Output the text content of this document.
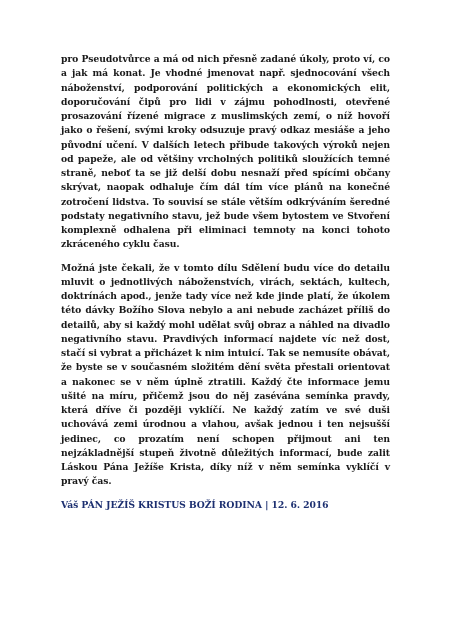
pro Pseudotvůrce a má od nich přesně zadané úkoly, proto ví, co a jak má konat. Je vhodné jmenovat např. sjednocování všech náboženství, podporování politických a ekonomických elit, doporučování čipů pro lidi v zájmu pohodlnosti, otevřené prosazování řízené migrace z muslimských zemí, o níž hovoří jako o řešení, svými kroky odsuzuje pravý odkaz mesiáše a jeho původní učení. V dalších letech přibude takových výroků nejen od papeže, ale od většiny vrcholných politiků sloužících temné straně, neboť ta se již delší dobu nesnaží před spícími občany skrývat, naopak odhaluje čím dál tím více plánů na konečné zotročení lidstva. To souvisí se stále větším odkrýváním šeredné podstaty negativního stavu, jež bude všem bytostem ve Stvoření komplexně odhalena při eliminaci temnoty na konci tohoto zkráceného cyklu času.

Možná jste čekali, že v tomto dílu Sdělení budu více do detailu mluvit o jednotlivých náboženstvích, virách, sektách, kultech, doktrínách apod., jenže tady více než kde jinde platí, že úkolem této dávky Božího Slova nebylo a ani nebude zacházet příliš do detailů, aby si každý mohl udělat svůj obraz a náhled na divadlo negativního stavu. Pravdivých informací najdete víc než dost, stačí si vybrat a přicházet k nim intuicí. Tak se nemusíte obávat, že byste se v současném složitém dění světa přestali orientovat a nakonec se v něm úplně ztratili. Každý čte informace jemu ušité na míru, přičemž jsou do něj zasévána semínka pravdy, která dříve či později vyklíčí. Ne každý zatím ve své duši uchovává zemi úrodnou a vlahou, avšak jednou i ten nejsušší jedinec, co prozatím není schopen přijmout ani ten nejzákladnější stupeň životně důležitých informací, bude zalit Láskou Pána Ježíše Krista, díky níž v něm semínka vyklíčí v pravý čas.

Váš PÁN JEŽÍŠ KRISTUS BOŽÍ RODINA | 12. 6. 2016
